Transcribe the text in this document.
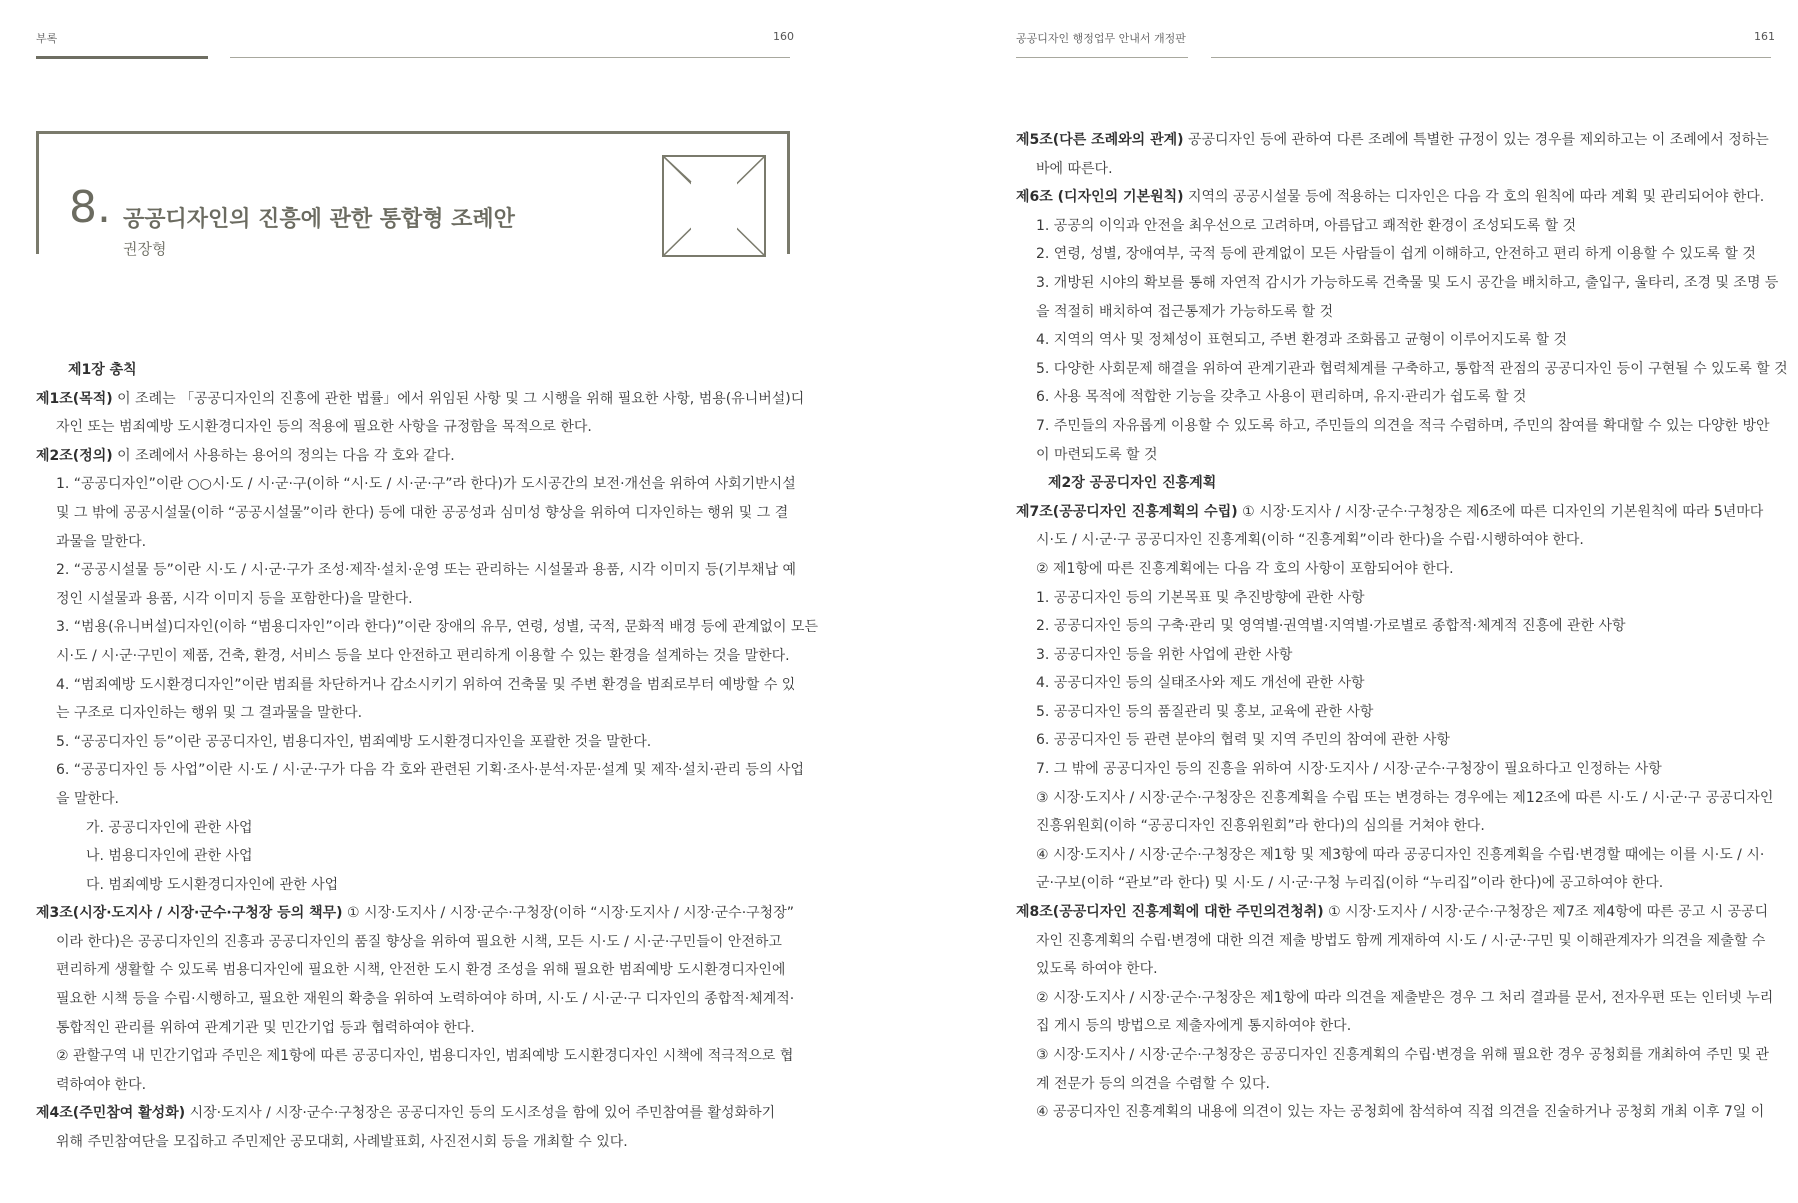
부록	160
8. 공공디자인의 진흥에 관한 통합형 조례안
권장형

제1장 총칙

제1조(목적) 이 조례는 「공공디자인의 진흥에 관한 법률」에서 위임된 사항 및 그 시행을 위해 필요한 사항, 범용(유니버설)디

자인 또는 범죄예방 도시환경디자인 등의 적용에 필요한 사항을 규정함을 목적으로 한다.

제2조(정의) 이 조례에서 사용하는 용어의 정의는 다음 각 호와 같다.

1. “공공디자인”이란 ○○시·도 / 시·군·구(이하 “시·도 / 시·군·구”라 한다)가 도시공간의 보전·개선을 위하여 사회기반시설

및 그 밖에 공공시설물(이하 “공공시설물”이라 한다) 등에 대한 공공성과 심미성 향상을 위하여 디자인하는 행위 및 그 결

과물을 말한다.

2. “공공시설물 등”이란 시·도 / 시·군·구가 조성·제작·설치·운영 또는 관리하는 시설물과 용품, 시각 이미지 등(기부채납 예

정인 시설물과 용품, 시각 이미지 등을 포함한다)을 말한다.

3. “범용(유니버설)디자인(이하 “범용디자인”이라 한다)”이란 장애의 유무, 연령, 성별, 국적, 문화적 배경 등에 관계없이 모든

시·도 / 시·군·구민이 제품, 건축, 환경, 서비스 등을 보다 안전하고 편리하게 이용할 수 있는 환경을 설계하는 것을 말한다.

4. “범죄예방 도시환경디자인”이란 범죄를 차단하거나 감소시키기 위하여 건축물 및 주변 환경을 범죄로부터 예방할 수 있

는 구조로 디자인하는 행위 및 그 결과물을 말한다.

5. “공공디자인 등”이란 공공디자인, 범용디자인, 범죄예방 도시환경디자인을 포괄한 것을 말한다.

6. “공공디자인 등 사업”이란 시·도 / 시·군·구가 다음 각 호와 관련된 기획·조사·분석·자문·설계 및 제작·설치·관리 등의 사업

을 말한다.

가. 공공디자인에 관한 사업

나. 범용디자인에 관한 사업

다. 범죄예방 도시환경디자인에 관한 사업

제3조(시장·도지사 / 시장·군수·구청장 등의 책무) ① 시장·도지사 / 시장·군수·구청장(이하 “시장·도지사 / 시장·군수·구청장”

이라 한다)은 공공디자인의 진흥과 공공디자인의 품질 향상을 위하여 필요한 시책, 모든 시·도 / 시·군·구민들이 안전하고

편리하게 생활할 수 있도록 범용디자인에 필요한 시책, 안전한 도시 환경 조성을 위해 필요한 범죄예방 도시환경디자인에

필요한 시책 등을 수립·시행하고, 필요한 재원의 확충을 위하여 노력하여야 하며, 시·도 / 시·군·구 디자인의 종합적·체계적·

통합적인 관리를 위하여 관계기관 및 민간기업 등과 협력하여야 한다.

② 관할구역 내 민간기업과 주민은 제1항에 따른 공공디자인, 범용디자인, 범죄예방 도시환경디자인 시책에 적극적으로 협

력하여야 한다.

제4조(주민참여 활성화) 시장·도지사 / 시장·군수·구청장은 공공디자인 등의 도시조성을 함에 있어 주민참여를 활성화하기

위해 주민참여단을 모집하고 주민제안 공모대회, 사례발표회, 사진전시회 등을 개최할 수 있다.

공공디자인 행정업무 안내서 개정판	161

제5조(다른 조례와의 관계) 공공디자인 등에 관하여 다른 조례에 특별한 규정이 있는 경우를 제외하고는 이 조례에서 정하는

바에 따른다.

제6조 (디자인의 기본원칙) 지역의 공공시설물 등에 적용하는 디자인은 다음 각 호의 원칙에 따라 계획 및 관리되어야 한다.

1. 공공의 이익과 안전을 최우선으로 고려하며, 아름답고 쾌적한 환경이 조성되도록 할 것

2. 연령, 성별, 장애여부, 국적 등에 관계없이 모든 사람들이 쉽게 이해하고, 안전하고 편리 하게 이용할 수 있도록 할 것

3. 개방된 시야의 확보를 통해 자연적 감시가 가능하도록 건축물 및 도시 공간을 배치하고, 출입구, 울타리, 조경 및 조명 등

을 적절히 배치하여 접근통제가 가능하도록 할 것

4. 지역의 역사 및 정체성이 표현되고, 주변 환경과 조화롭고 균형이 이루어지도록 할 것

5. 다양한 사회문제 해결을 위하여 관계기관과 협력체계를 구축하고, 통합적 관점의 공공디자인 등이 구현될 수 있도록 할 것

6. 사용 목적에 적합한 기능을 갖추고 사용이 편리하며, 유지·관리가 쉽도록 할 것

7. 주민들의 자유롭게 이용할 수 있도록 하고, 주민들의 의견을 적극 수렴하며, 주민의 참여를 확대할 수 있는 다양한 방안

이 마련되도록 할 것

제2장 공공디자인 진흥계획

제7조(공공디자인 진흥계획의 수립) ① 시장·도지사 / 시장·군수·구청장은 제6조에 따른 디자인의 기본원칙에 따라 5년마다

시·도 / 시·군·구 공공디자인 진흥계획(이하 “진흥계획”이라 한다)을 수립·시행하여야 한다.

② 제1항에 따른 진흥계획에는 다음 각 호의 사항이 포함되어야 한다.

1. 공공디자인 등의 기본목표 및 추진방향에 관한 사항

2. 공공디자인 등의 구축·관리 및 영역별·권역별·지역별·가로별로 종합적·체계적 진흥에 관한 사항

3. 공공디자인 등을 위한 사업에 관한 사항

4. 공공디자인 등의 실태조사와 제도 개선에 관한 사항

5. 공공디자인 등의 품질관리 및 홍보, 교육에 관한 사항

6. 공공디자인 등 관련 분야의 협력 및 지역 주민의 참여에 관한 사항

7. 그 밖에 공공디자인 등의 진흥을 위하여 시장·도지사 / 시장·군수·구청장이 필요하다고 인정하는 사항

③ 시장·도지사 / 시장·군수·구청장은 진흥계획을 수립 또는 변경하는 경우에는 제12조에 따른 시·도 / 시·군·구 공공디자인

진흥위원회(이하 “공공디자인 진흥위원회”라 한다)의 심의를 거쳐야 한다.

④ 시장·도지사 / 시장·군수·구청장은 제1항 및 제3항에 따라 공공디자인 진흥계획을 수립·변경할 때에는 이를 시·도 / 시·

군·구보(이하 “관보”라 한다) 및 시·도 / 시·군·구청 누리집(이하 “누리집”이라 한다)에 공고하여야 한다.

제8조(공공디자인 진흥계획에 대한 주민의견청취) ① 시장·도지사 / 시장·군수·구청장은 제7조 제4항에 따른 공고 시 공공디

자인 진흥계획의 수립·변경에 대한 의견 제출 방법도 함께 게재하여 시·도 / 시·군·구민 및 이해관계자가 의견을 제출할 수

있도록 하여야 한다.

② 시장·도지사 / 시장·군수·구청장은 제1항에 따라 의견을 제출받은 경우 그 처리 결과를 문서, 전자우편 또는 인터넷 누리

집 게시 등의 방법으로 제출자에게 통지하여야 한다.

③ 시장·도지사 / 시장·군수·구청장은 공공디자인 진흥계획의 수립·변경을 위해 필요한 경우 공청회를 개최하여 주민 및 관

계 전문가 등의 의견을 수렴할 수 있다.

④ 공공디자인 진흥계획의 내용에 의견이 있는 자는 공청회에 참석하여 직접 의견을 진술하거나 공청회 개최 이후 7일 이
